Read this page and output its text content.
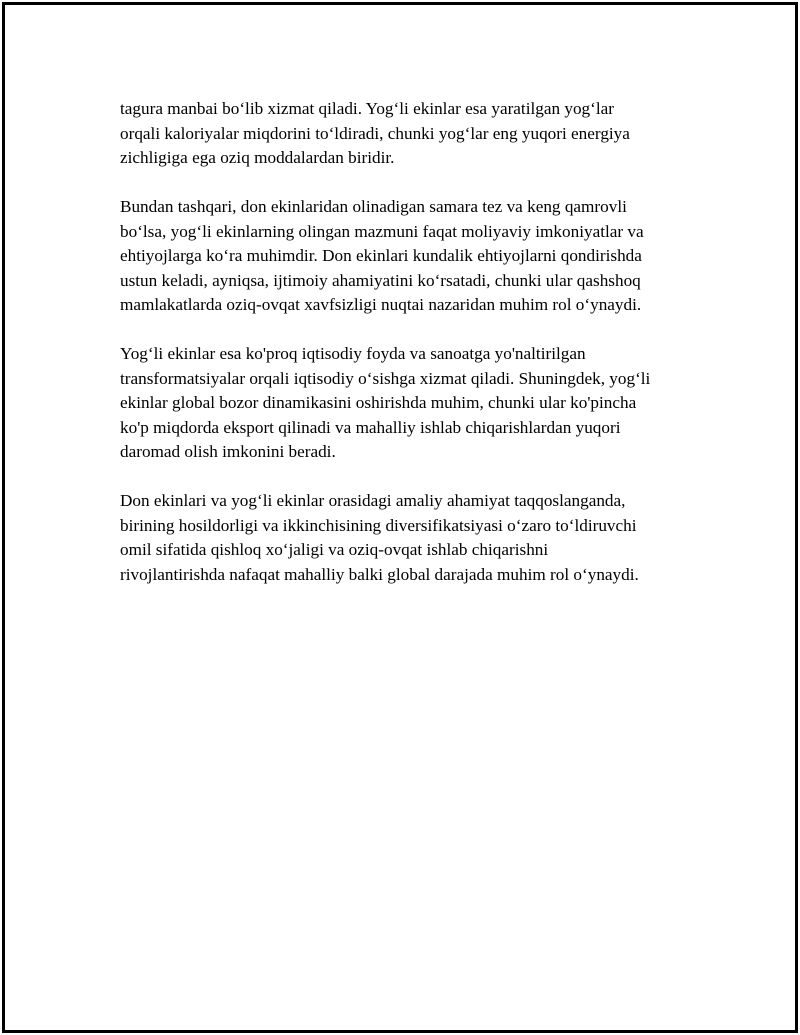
tagura manbai bo‘lib xizmat qiladi. Yog‘li ekinlar esa yaratilgan yog‘lar
orqali kaloriyalar miqdorini to‘ldiradi, chunki yog‘lar eng yuqori energiya
zichligiga ega oziq moddalardan biridir.

Bundan tashqari, don ekinlaridan olinadigan samara tez va keng qamrovli
bo‘lsa, yog‘li ekinlarning olingan mazmuni faqat moliyaviy imkoniyatlar va
ehtiyojlarga ko‘ra muhimdir. Don ekinlari kundalik ehtiyojlarni qondirishda
ustun keladi, ayniqsa, ijtimoiy ahamiyatini ko‘rsatadi, chunki ular qashshoq
mamlakatlarda oziq-ovqat xavfsizligi nuqtai nazaridan muhim rol o‘ynaydi.

Yog‘li ekinlar esa ko'proq iqtisodiy foyda va sanoatga yo'naltirilgan
transformatsiyalar orqali iqtisodiy o‘sishga xizmat qiladi. Shuningdek, yog‘li
ekinlar global bozor dinamikasini oshirishda muhim, chunki ular ko'pincha
ko'p miqdorda eksport qilinadi va mahalliy ishlab chiqarishlardan yuqori
daromad olish imkonini beradi.

Don ekinlari va yog‘li ekinlar orasidagi amaliy ahamiyat taqqoslanganda,
birining hosildorligi va ikkinchisining diversifikatsiyasi o‘zaro to‘ldiruvchi
omil sifatida qishloq xo‘jaligi va oziq-ovqat ishlab chiqarishni
rivojlantirishda nafaqat mahalliy balki global darajada muhim rol o‘ynaydi.
